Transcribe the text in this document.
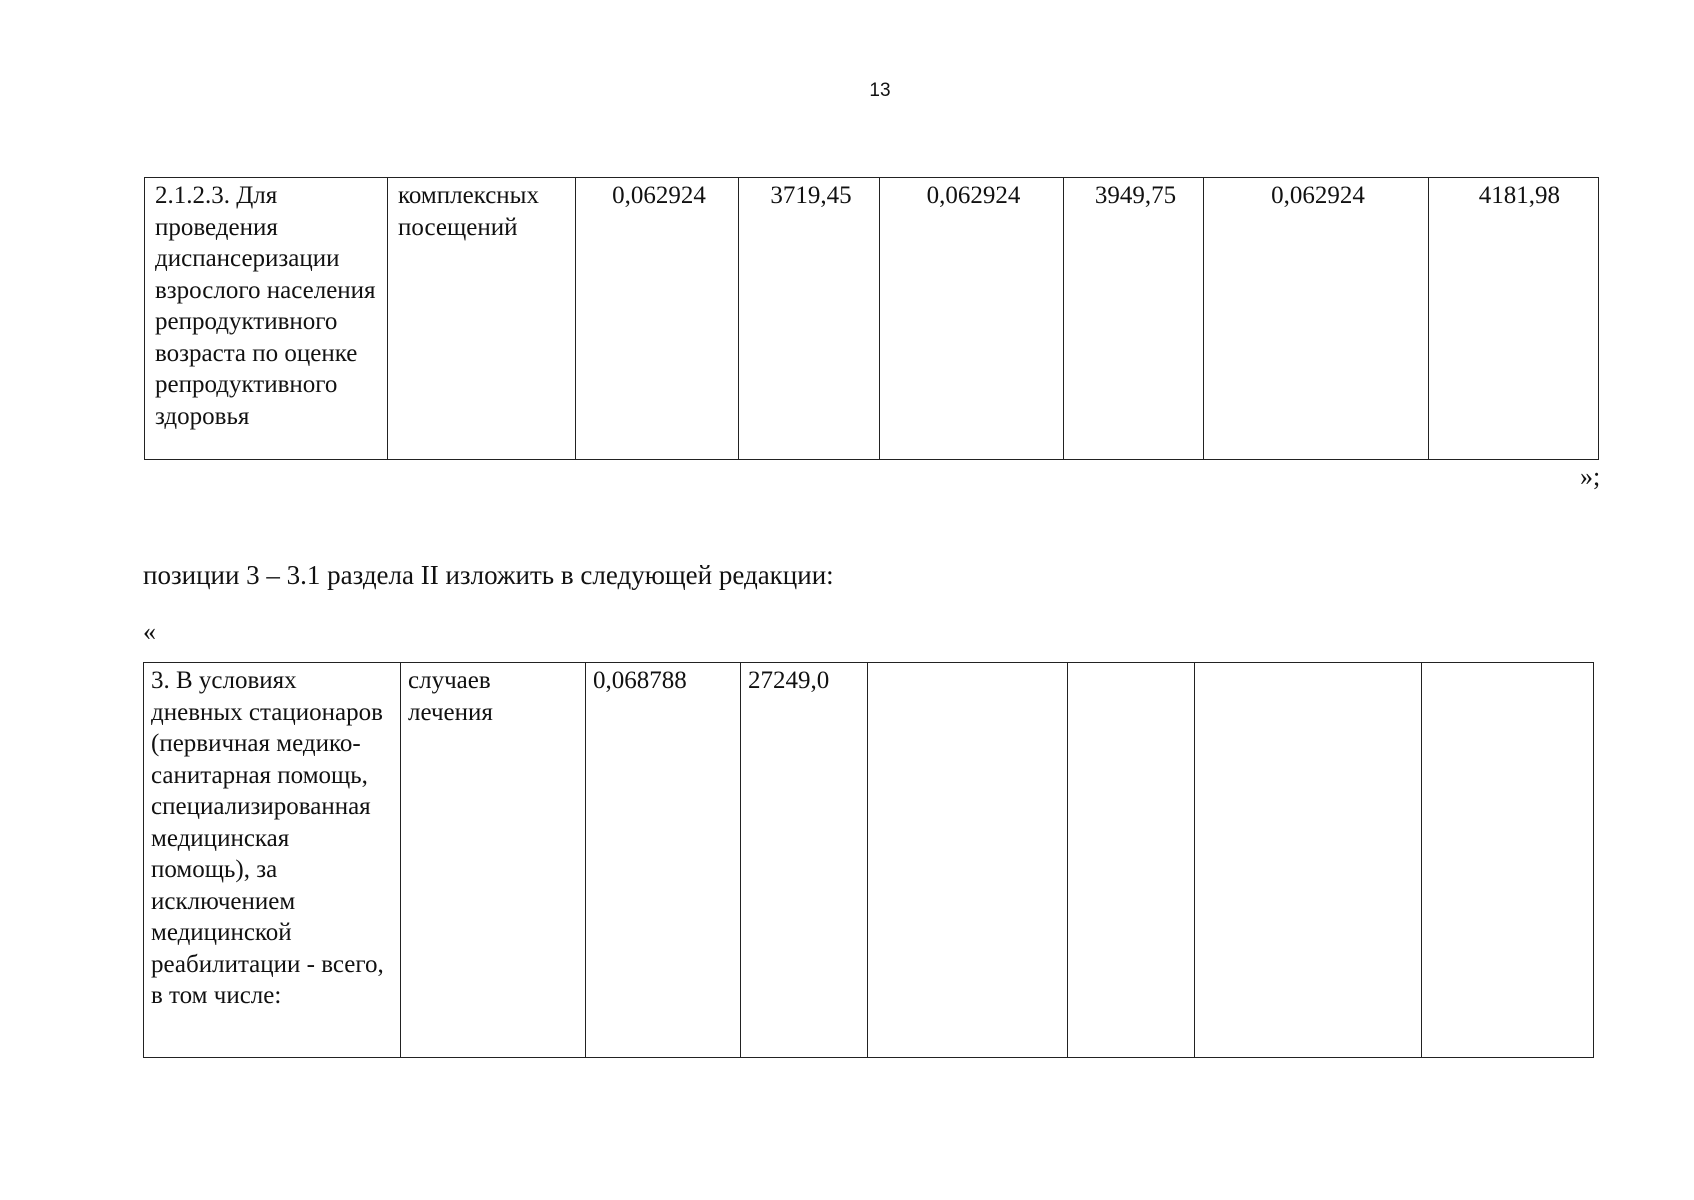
13
2.1.2.3. Для проведения диспансеризации взрослого населения репродуктивного возраста по оценке репродуктивного здоровья	комплексных посещений	0,062924	3719,45	0,062924	3949,75	0,062924	4181,98
»;
позиции 3 – 3.1 раздела II изложить в следующей редакции:
«
3. В условиях дневных стационаров (первичная медико-санитарная помощь, специализированная медицинская помощь), за исключением медицинской реабилитации - всего, в том числе:	случаев лечения	0,068788	27249,0				
